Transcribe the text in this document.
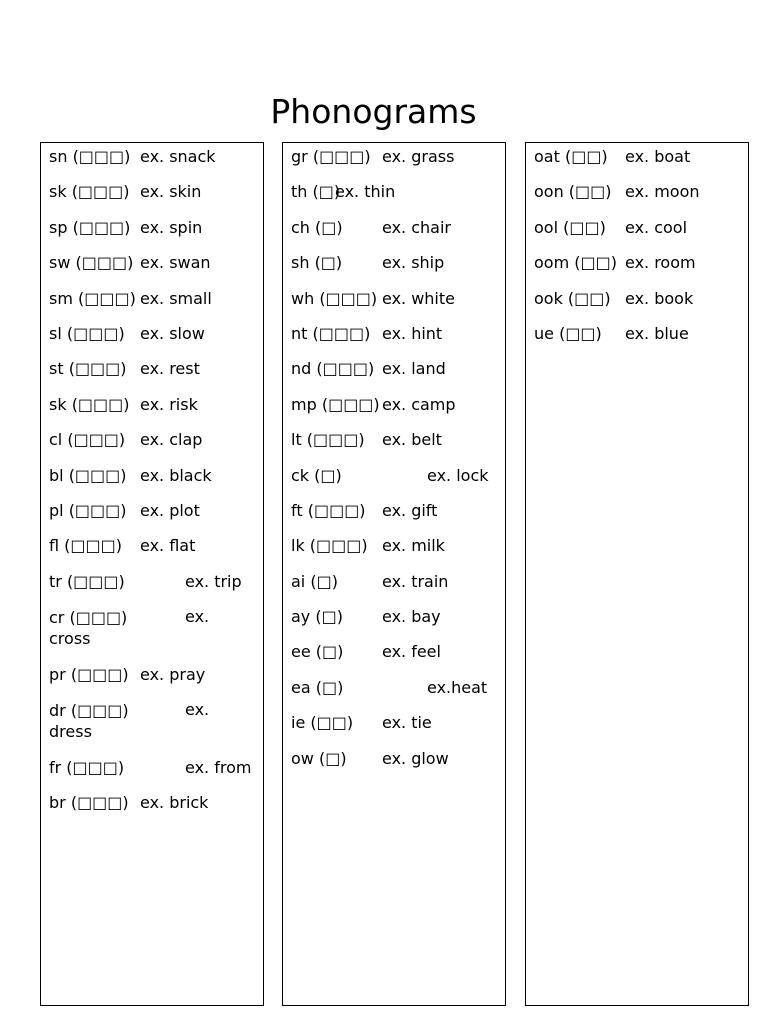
Phonograms
sn (□□□) ex. snack
sk (□□□) ex. skin
sp (□□□) ex. spin
sw (□□□) ex. swan
sm (□□□) ex. small
sl (□□□) ex. slow
st (□□□) ex. rest
sk (□□□) ex. risk
cl (□□□) ex. clap
bl (□□□) ex. black
pl (□□□) ex. plot
fl (□□□) ex. flat
tr (□□□)	ex. trip
cr (□□□)	ex.
cross
pr (□□□) ex. pray
dr (□□□)	ex.
dress
fr (□□□)	ex. from
br (□□□) ex. brick
gr (□□□) ex. grass
th (□)
ex. thin
ch (□) ex. chair
sh (□) ex. ship
wh (□□□) ex. white
nt (□□□) ex. hint
nd (□□□) ex. land
mp (□□□) ex. camp
lt (□□□) ex. belt
ck (□)	ex. lock
ft (□□□) ex. gift
lk (□□□) ex. milk
ai (□)	ex. train
ay (□) ex. bay
ee (□) ex. feel
ea (□)	ex.heat
ie (□□) ex. tie
ow (□) ex. glow
oat (□□) ex. boat
oon (□□) ex. moon
ool (□□) ex. cool
oom (□□) ex. room
ook (□□) ex. book
ue (□□) ex. blue
